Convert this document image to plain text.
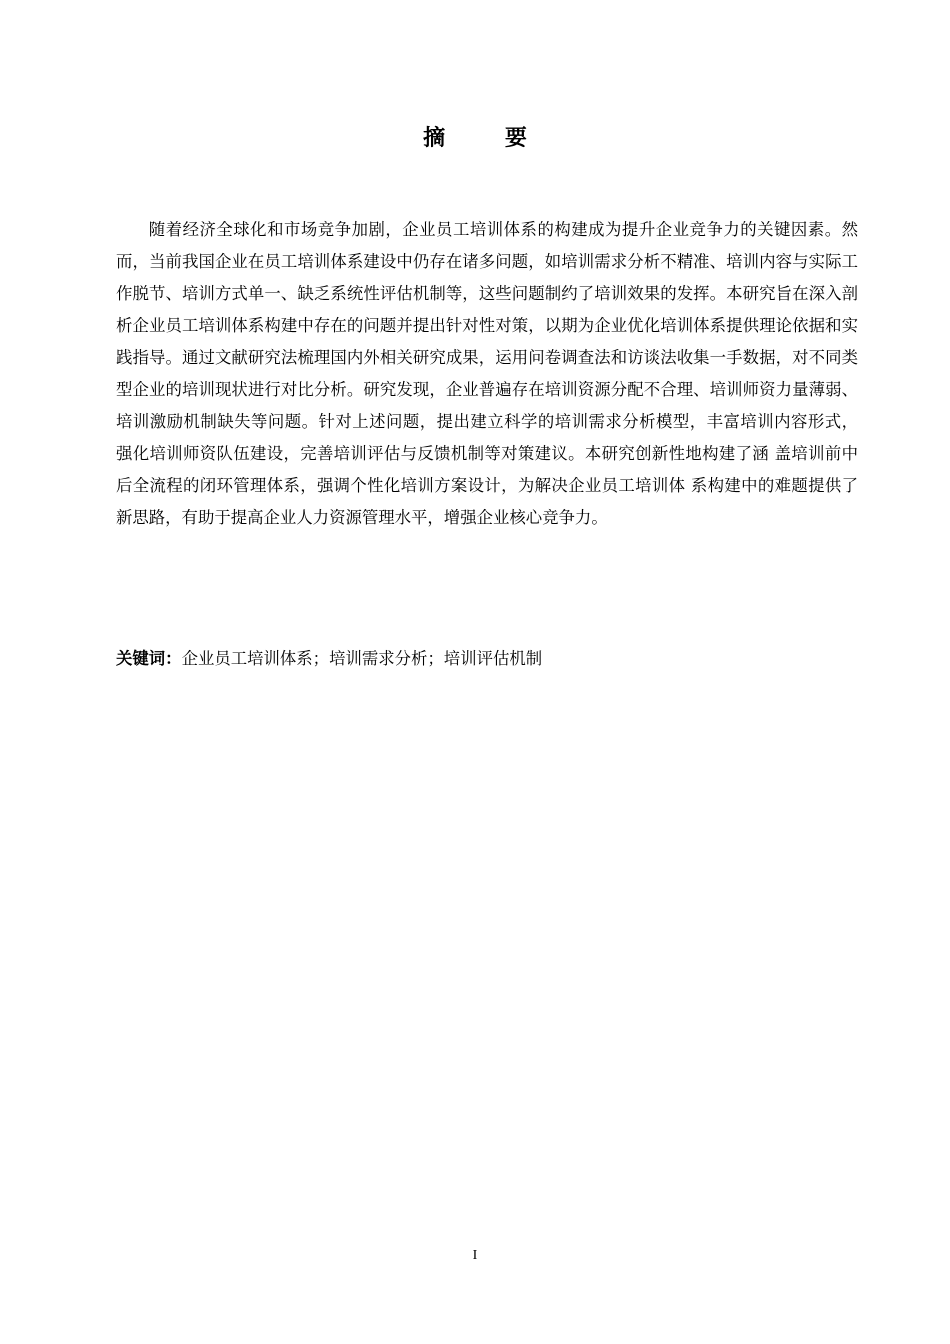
摘 要

随着经济全球化和市场竞争加剧，企业员工培训体系的构建成为提升企业竞争力的关键因素。然而，当前我国企业在员工培训体系建设中仍存在诸多问题，如培训需求分析不精准、培训内容与实际工作脱节、培训方式单一、缺乏系统性评估机制等，这些问题制约了培训效果的发挥。本研究旨在深入剖析企业员工培训体系构建中存在的问题并提出针对性对策，以期为企业优化培训体系提供理论依据和实践指导。通过文献研究法梳理国内外相关研究成果，运用问卷调查法和访谈法收集一手数据，对不同类型企业的培训现状进行对比分析。研究发现，企业普遍存在培训资源分配不合理、培训师资力量薄弱、培训激励机制缺失等问题。针对上述问题，提出建立科学的培训需求分析模型，丰富培训内容形式， 强化培训师资队伍建设，完善培训评估与反馈机制等对策建议。本研究创新性地构建了涵 盖培训前中后全流程的闭环管理体系，强调个性化培训方案设计，为解决企业员工培训体 系构建中的难题提供了新思路，有助于提高企业人力资源管理水平，增强企业核心竞争力。

关键词：企业员工培训体系；培训需求分析；培训评估机制
I
